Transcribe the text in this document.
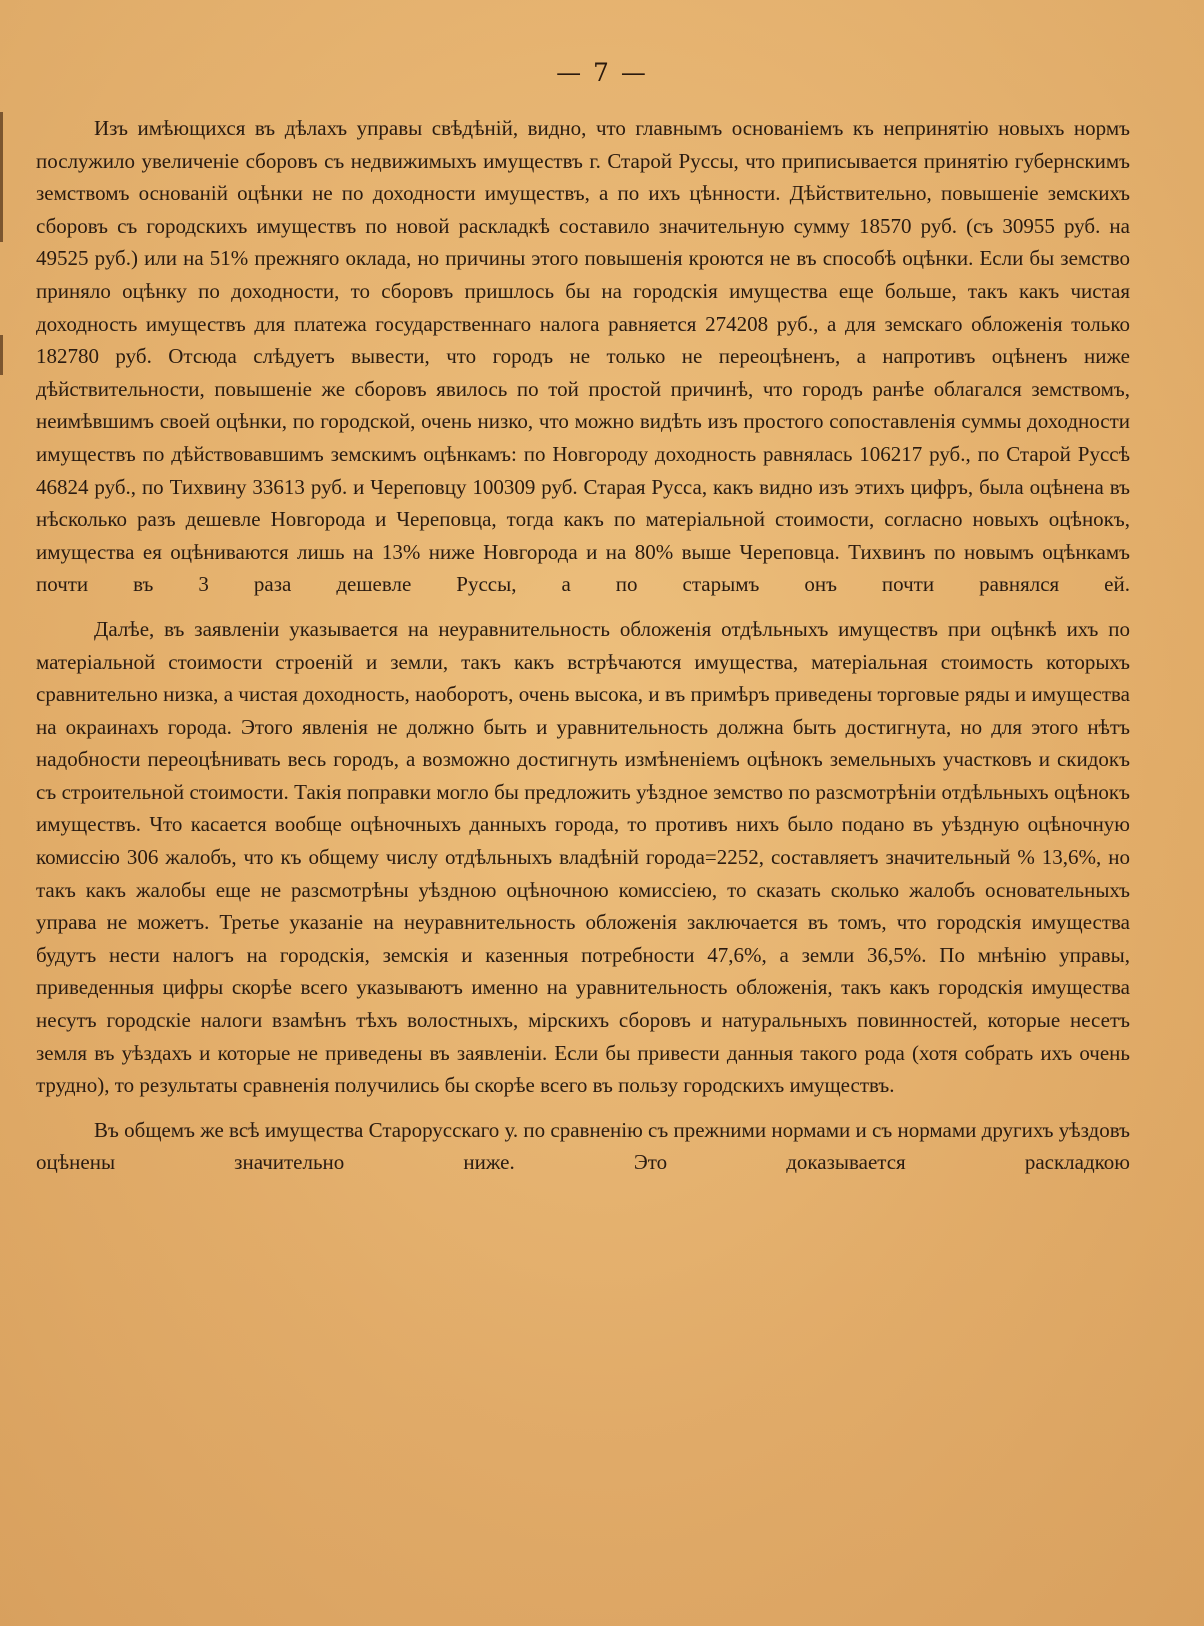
— 7 —

Изъ имѣющихся въ дѣлахъ управы свѣдѣній, видно, что главнымъ основаніемъ къ непринятію новыхъ нормъ послужило увеличеніе сборовъ съ недвижимыхъ имуществъ г. Старой Руссы, что приписывается принятію губернскимъ земствомъ основаній оцѣнки не по доходности имуществъ, а по ихъ цѣнности. Дѣйствительно, повышеніе земскихъ сборовъ съ городскихъ имуществъ по новой раскладкѣ составило значительную сумму 18570 руб. (съ 30955 руб. на 49525 руб.) или на 51% прежняго оклада, но причины этого повышенія кроются не въ способѣ оцѣнки. Если бы земство приняло оцѣнку по доходности, то сборовъ пришлось бы на городскія имущества еще больше, такъ какъ чистая доходность имуществъ для платежа государственнаго налога равняется 274208 руб., а для земскаго обложенія только 182780 руб. Отсюда слѣдуетъ вывести, что городъ не только не переоцѣненъ, а напротивъ оцѣненъ ниже дѣйствительности, повышеніе же сборовъ явилось по той простой причинѣ, что городъ ранѣе облагался земствомъ, неимѣвшимъ своей оцѣнки, по городской, очень низко, что можно видѣть изъ простого сопоставленія суммы доходности имуществъ по дѣйствовавшимъ земскимъ оцѣнкамъ: по Новгороду доходность равнялась 106217 руб., по Старой Руссѣ 46824 руб., по Тихвину 33613 руб. и Череповцу 100309 руб. Старая Русса, какъ видно изъ этихъ цифръ, была оцѣнена въ нѣсколько разъ дешевле Новгорода и Череповца, тогда какъ по матеріальной стоимости, согласно новыхъ оцѣнокъ, имущества ея оцѣниваются лишь на 13% ниже Новгорода и на 80% выше Череповца. Тихвинъ по новымъ оцѣнкамъ почти въ 3 раза дешевле Руссы, а по старымъ онъ почти равнялся ей.

Далѣе, въ заявленіи указывается на неуравнительность обложенія отдѣльныхъ имуществъ при оцѣнкѣ ихъ по матеріальной стоимости строеній и земли, такъ какъ встрѣчаются имущества, матеріальная стоимость которыхъ сравнительно низка, а чистая доходность, наоборотъ, очень высока, и въ примѣръ приведены торговые ряды и имущества на окраинахъ города. Этого явленія не должно быть и уравнительность должна быть достигнута, но для этого нѣтъ надобности переоцѣнивать весь городъ, а возможно достигнуть измѣненіемъ оцѣнокъ земельныхъ участковъ и скидокъ съ строительной стоимости. Такія поправки могло бы предложить уѣздное земство по разсмотрѣніи отдѣльныхъ оцѣнокъ имуществъ. Что касается вообще оцѣночныхъ данныхъ города, то противъ нихъ было подано въ уѣздную оцѣночную комиссію 306 жалобъ, что къ общему числу отдѣльныхъ владѣній города=2252, составляетъ значительный % 13,6%, но такъ какъ жалобы еще не разсмотрѣны уѣздною оцѣночною комиссіею, то сказать сколько жалобъ основательныхъ управа не можетъ. Третье указаніе на неуравнительность обложенія заключается въ томъ, что городскія имущества будутъ нести налогъ на городскія, земскія и казенныя потребности 47,6%, а земли 36,5%. По мнѣнію управы, приведенныя цифры скорѣе всего указываютъ именно на уравнительность обложенія, такъ какъ городскія имущества несутъ городскіе налоги взамѣнъ тѣхъ волостныхъ, мірскихъ сборовъ и натуральныхъ повинностей, которые несетъ земля въ уѣздахъ и которые не приведены въ заявленіи. Если бы привести данныя такого рода (хотя собрать ихъ очень трудно), то результаты сравненія получились бы скорѣе всего въ пользу городскихъ имуществъ.

Въ общемъ же всѣ имущества Старорусскаго у. по сравненію съ прежними нормами и съ нормами другихъ уѣздовъ оцѣнены значительно ниже. Это доказывается раскладкою
